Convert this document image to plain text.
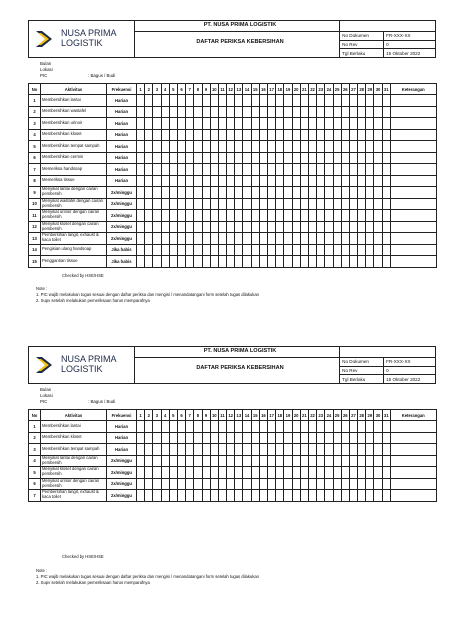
		No Dokumen	FR-XXX-XX
		No Rev	0
		Tgl Berlaku	15 Oktober 2022
NUSA PRIMA
LOGISTIK
PT. NUSA PRIMA LOGISTIK
DAFTAR PERIKSA KEBERSIHAN
Bulan
Lokasi
PIC	: Bagus / Budi
No	Aktivitas	Frekuensi	1	2	3	4	5	6	7	8	9	10	11	12	13	14	15	16	17	18	19	20	21	22	23	24	25	26	27	28	29	30	31	Keterangan
1	Membersihkan lantai	Harian																																
2	Membersihkan wastafel	Harian																																
3	Membersihkan urinoir	Harian																																
4	Membersihkan kloset	Harian																																
5	Membersihkan tempat sampah	Harian																																
6	Membersihkan cermin	Harian																																
7	Memeriksa handsoap	Harian																																
8	Memeriksa tissue	Harian																																
9	Menyikat lantai dengan cairan pembersih	2x/minggu																																
10	Menyikat wastafel dengan cairan pembersih	2x/minggu																																
11	Menyikat urinoir dengan cairan pembersih	2x/minggu																																
12	Menyikat kloset dengan cairan pembersih	2x/minggu																																
13	Pembersihan langit, exhaust & kaca toilet	2x/minggu																																
14	Pengisian ulang handsoap	Jika habis																																
15	Penggantian tissue	Jika habis																																
Checked by HSE/HSE
Note :
1. PIC wajib melakukan tugas sesuai dengan daftar periksa dan mengisi / menandatangani form setelah tugas dilakukan
2. Supv setelah melakukan pemeriksaan harus memparafnya

		No Dokumen	FR-XXX-XX
		No Rev	0
		Tgl Berlaku	15 Oktober 2022
NUSA PRIMA
LOGISTIK
PT. NUSA PRIMA LOGISTIK
DAFTAR PERIKSA KEBERSIHAN
Bulan
Lokasi
PIC	: Bagus / Budi
No	Aktivitas	Frekuensi	1	2	3	4	5	6	7	8	9	10	11	12	13	14	15	16	17	18	19	20	21	22	23	24	25	26	27	28	29	30	31	Keterangan
1	Membersihkan lantai	Harian																																
2	Membersihkan kloset	Harian																																
3	Membersihkan tempat sampah	Harian																																
4	Menyikat lantai dengan cairan pembersih	2x/minggu																																
5	Menyikat kloset dengan cairan pembersih	2x/minggu																																
6	Menyikat urinoir dengan cairan pembersih	2x/minggu																																
7	Pembersihan langit, exhaust & kaca toilet	2x/minggu																																
Checked by HSE/HSE
Note :
1. PIC wajib melakukan tugas sesuai dengan daftar periksa dan mengisi / menandatangani form setelah tugas dilakukan
2. Supv setelah melakukan pemeriksaan harus memparafnya
